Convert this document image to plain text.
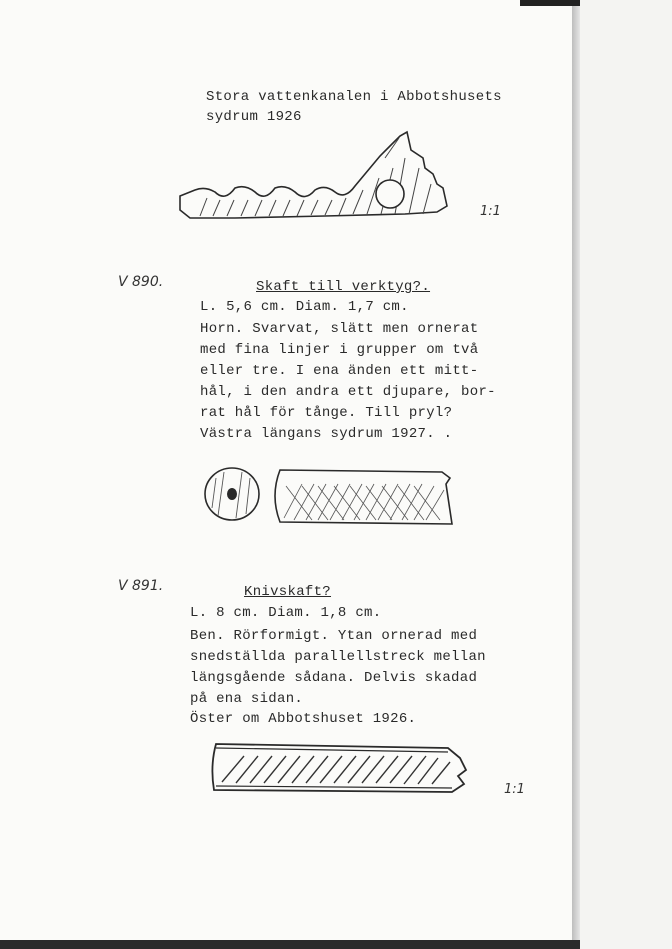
Stora vattenkanalen i Abbotshusets
sydrum 1926
1:1
V 890.	Skaft till verktyg?.
L. 5,6 cm. Diam. 1,7 cm.
Horn. Svarvat, slätt men ornerat
med fina linjer i grupper om två
eller tre. I ena änden ett mitt-
hål, i den andra ett djupare, bor-
rat hål för tånge. Till pryl?
Västra längans sydrum 1927. .
V 891.	Knivskaft?
L. 8 cm. Diam. 1,8 cm.
Ben. Rörformigt. Ytan ornerad med
snedställda parallellstreck mellan
längsgående sådana. Delvis skadad
på ena sidan.
Öster om Abbotshuset 1926.
1:1
